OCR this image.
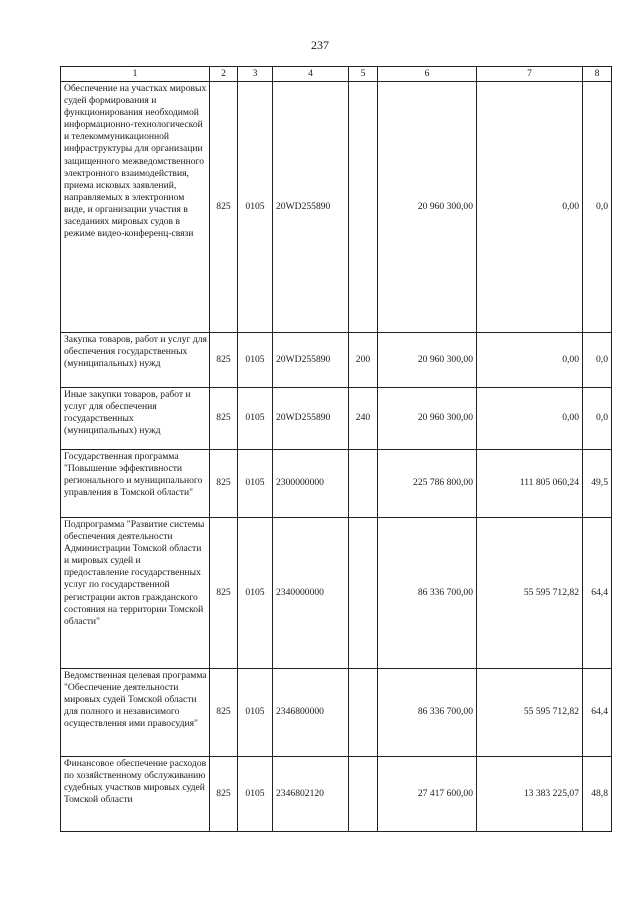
237
1	2	3	4	5	6	7	8
Обеспечение на участках мировых судей формирования и функционирования необходимой информационно-технологической и телекоммуникационной инфраструктуры для организации защищенного межведомственного электронного взаимодействия, приема исковых заявлений, направляемых в электронном виде, и организации участия в заседаниях мировых судов в режиме видео-конференц-связи	825	0105	20WD255890		20 960 300,00	0,00	0,0
Закупка товаров, работ и услуг для обеспечения государственных (муниципальных) нужд	825	0105	20WD255890	200	20 960 300,00	0,00	0,0
Иные закупки товаров, работ и услуг для обеспечения государственных (муниципальных) нужд	825	0105	20WD255890	240	20 960 300,00	0,00	0,0
Государственная программа "Повышение эффективности регионального и муниципального управления в Томской области"	825	0105	2300000000		225 786 800,00	111 805 060,24	49,5
Подпрограмма "Развитие системы обеспечения деятельности Администрации Томской области и мировых судей и предоставление государственных услуг по государственной регистрации актов гражданского состояния на территории Томской области"	825	0105	2340000000		86 336 700,00	55 595 712,82	64,4
Ведомственная целевая программа "Обеспечение деятельности мировых судей Томской области для полного и независимого осуществления ими правосудия"	825	0105	2346800000		86 336 700,00	55 595 712,82	64,4
Финансовое обеспечение расходов по хозяйственному обслуживанию судебных участков мировых судей Томской области	825	0105	2346802120		27 417 600,00	13 383 225,07	48,8
